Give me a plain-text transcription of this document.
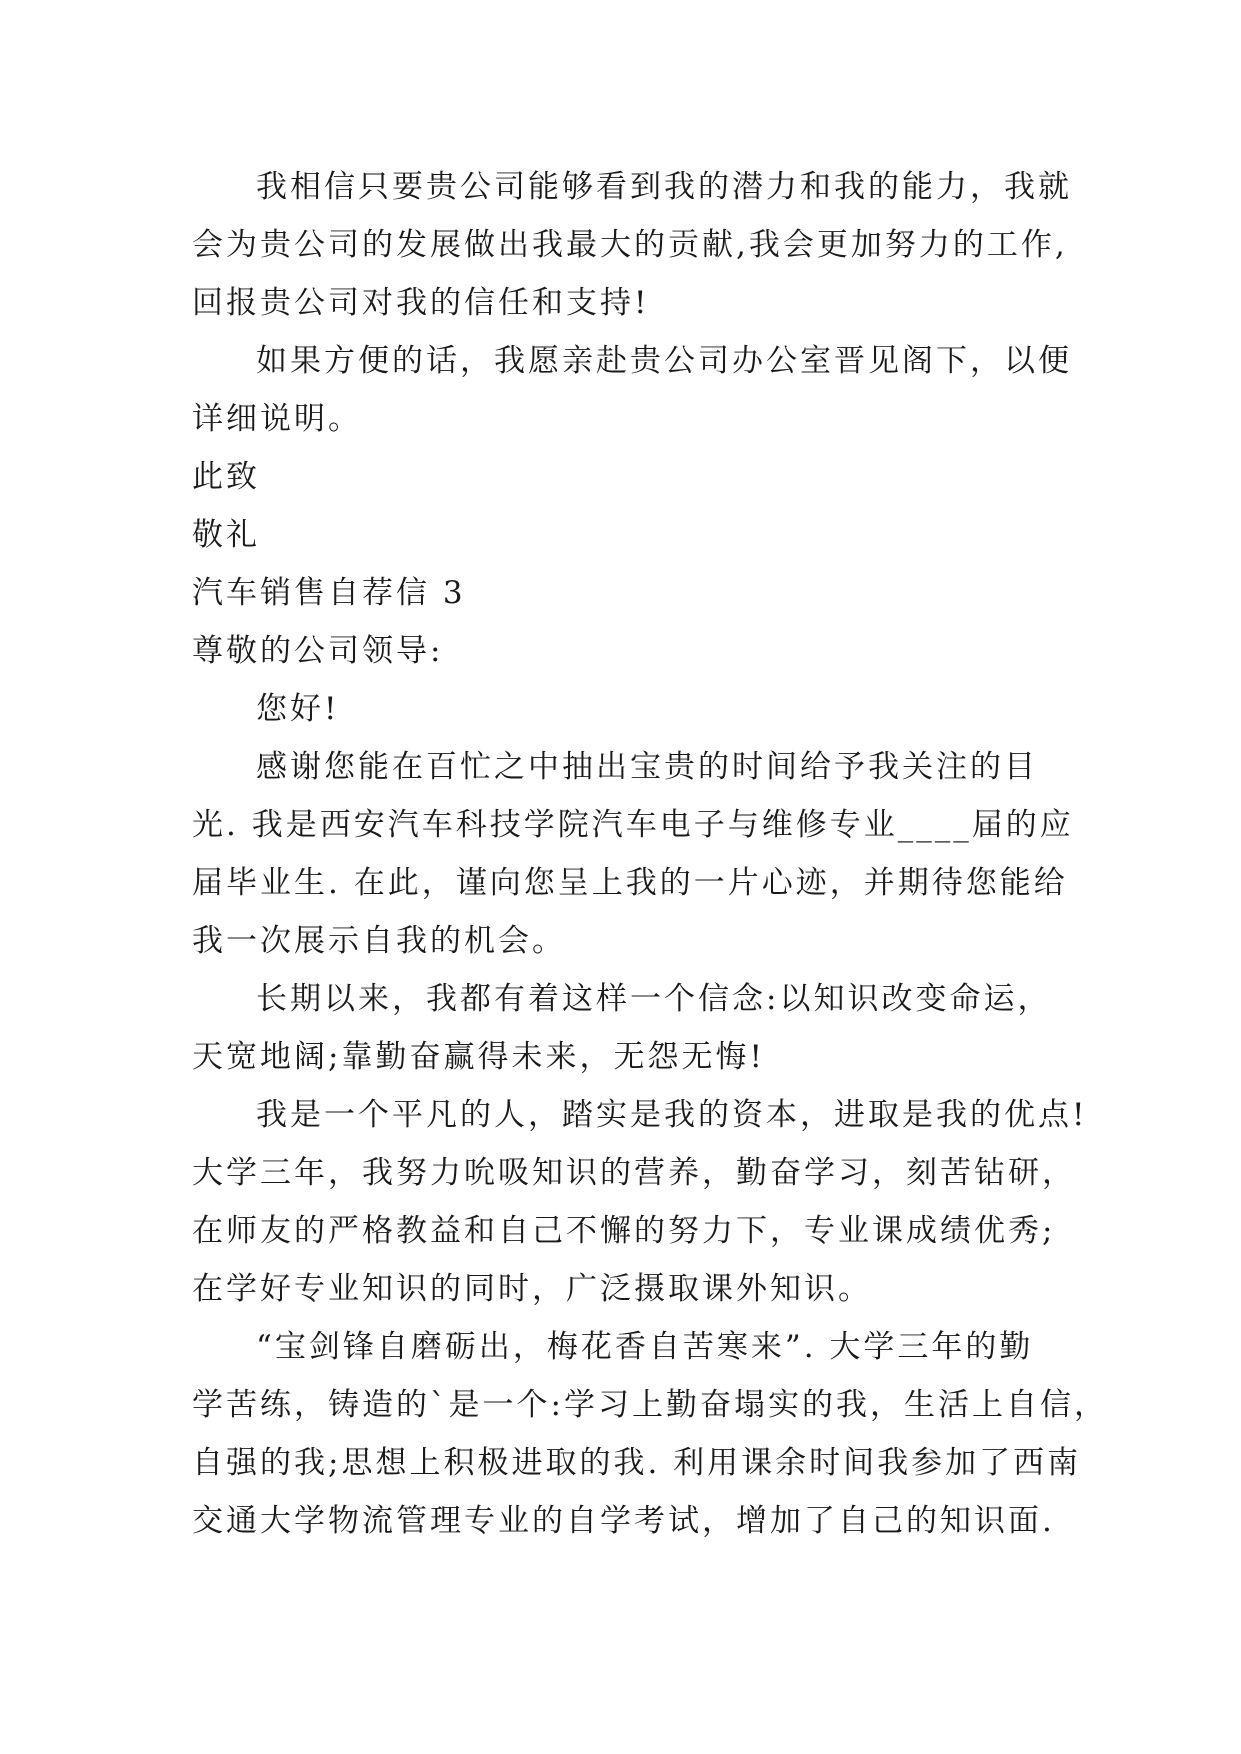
我相信只要贵公司能够看到我的潜力和我的能力，我就

会为贵公司的发展做出我最大的贡献,我会更加努力的工作,

回报贵公司对我的信任和支持!

如果方便的话，我愿亲赴贵公司办公室晋见阁下，以便

详细说明。

此致

敬礼

汽车销售自荐信 3

尊敬的公司领导:

您好!

感谢您能在百忙之中抽出宝贵的时间给予我关注的目

光. 我是西安汽车科技学院汽车电子与维修专业____届的应

届毕业生. 在此，谨向您呈上我的一片心迹，并期待您能给

我一次展示自我的机会。

长期以来，我都有着这样一个信念:以知识改变命运，

天宽地阔;靠勤奋赢得未来，无怨无悔!

我是一个平凡的人，踏实是我的资本，进取是我的优点!

大学三年，我努力吮吸知识的营养，勤奋学习，刻苦钻研，

在师友的严格教益和自己不懈的努力下，专业课成绩优秀;

在学好专业知识的同时，广泛摄取课外知识。

“宝剑锋自磨砺出，梅花香自苦寒来”. 大学三年的勤

学苦练，铸造的`是一个:学习上勤奋塌实的我，生活上自信，

自强的我;思想上积极进取的我. 利用课余时间我参加了西南

交通大学物流管理专业的自学考试，增加了自己的知识面.
